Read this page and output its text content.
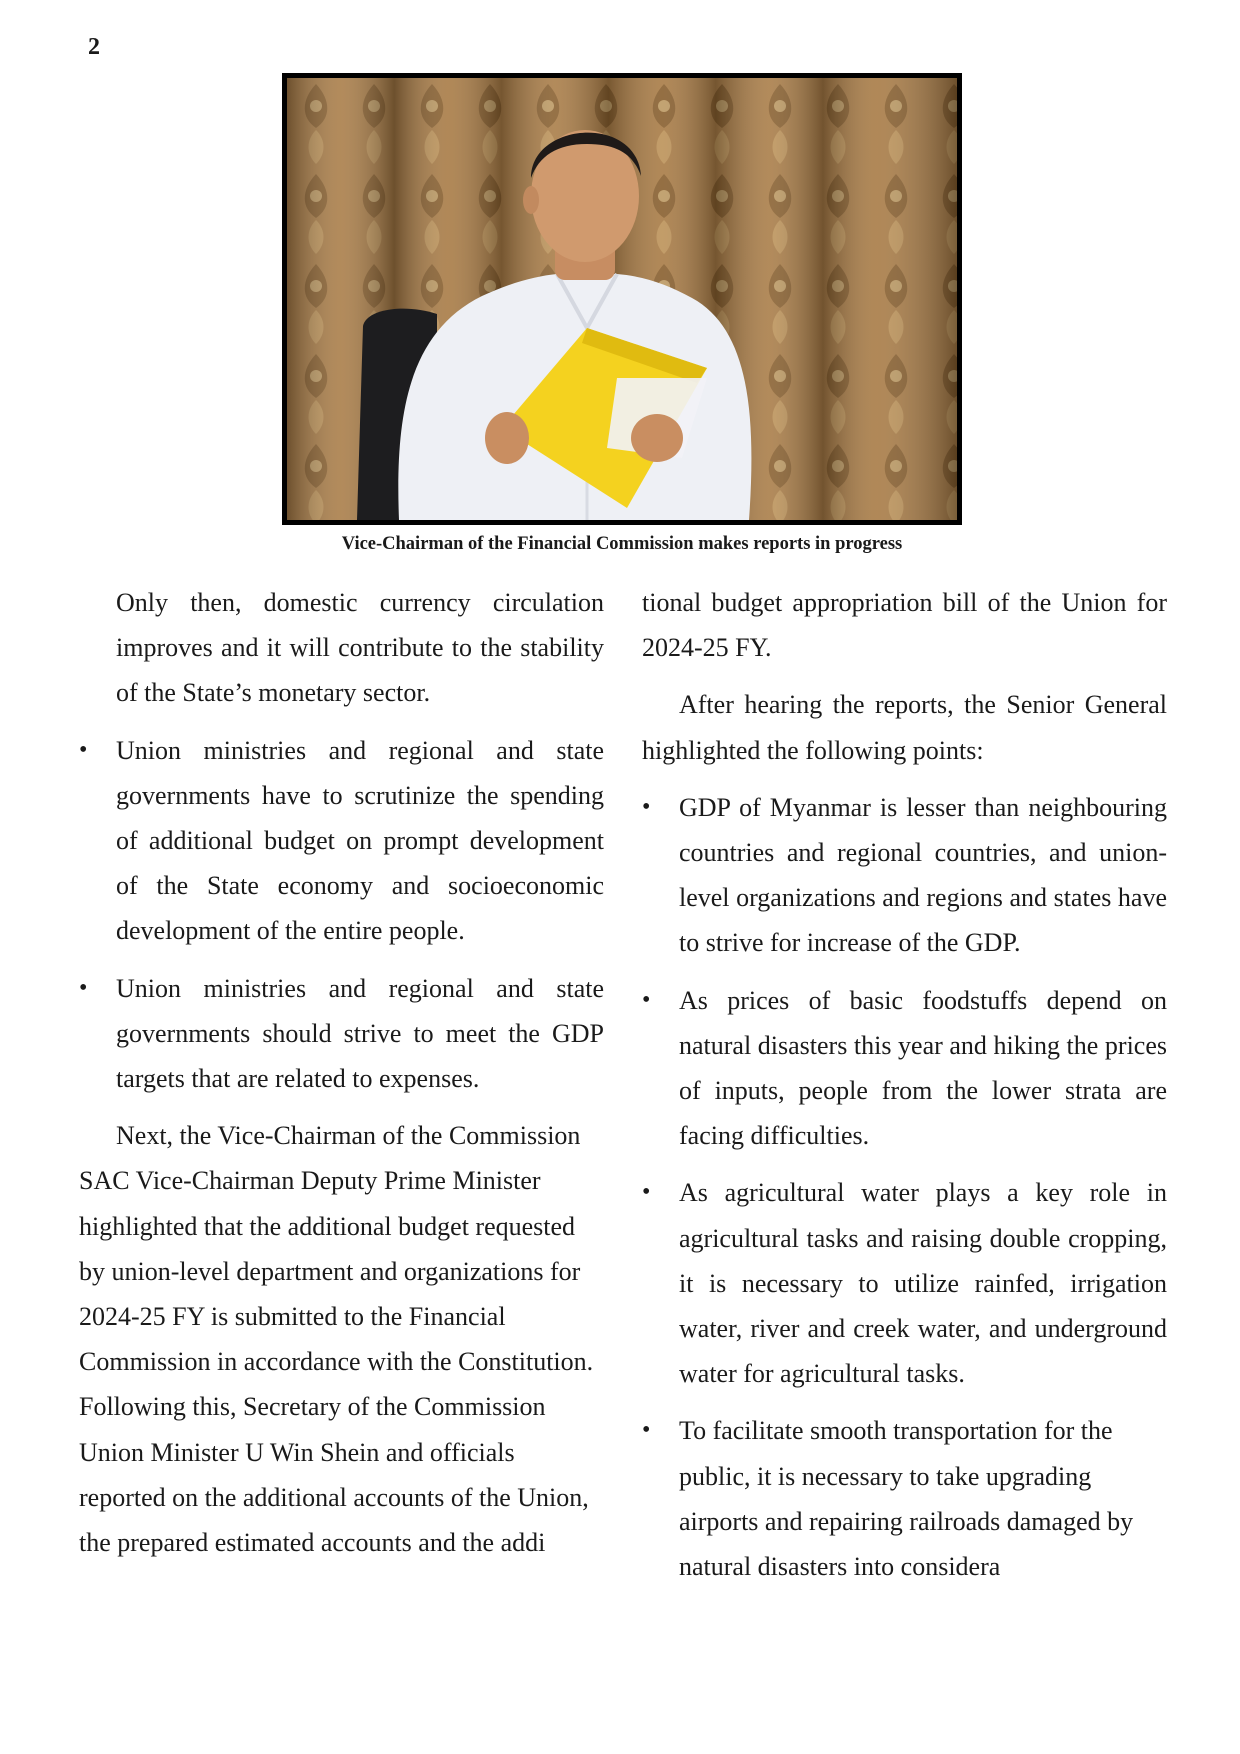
2
Vice-Chairman of the Financial Commission makes reports in progress

Only then, domestic currency circulation improves and it will contribute to the stability of the State’s monetary sector.

• Union ministries and regional and state governments have to scrutinize the spending of additional budget on prompt development of the State economy and socioeconomic development of the entire people.

• Union ministries and regional and state governments should strive to meet the GDP targets that are related to expenses.

Next, the Vice-Chairman of the Commission SAC Vice-Chairman Deputy Prime Minister highlighted that the additional budget requested by union-level department and organizations for 2024-25 FY is submitted to the Financial Commission in accordance with the Constitution. Following this, Secretary of the Commission Union Minister U Win Shein and officials reported on the additional accounts of the Union, the prepared estimated accounts and the addi

tional budget appropriation bill of the Union for 2024-25 FY.

After hearing the reports, the Senior General highlighted the following points:

• GDP of Myanmar is lesser than neighbouring countries and regional countries, and union-level organizations and regions and states have to strive for increase of the GDP.

• As prices of basic foodstuffs depend on natural disasters this year and hiking the prices of inputs, people from the lower strata are facing difficulties.

• As agricultural water plays a key role in agricultural tasks and raising double cropping, it is necessary to utilize rainfed, irrigation water, river and creek water, and underground water for agricultural tasks.

• To facilitate smooth transportation for the public, it is necessary to take upgrading airports and repairing railroads damaged by natural disasters into considera
